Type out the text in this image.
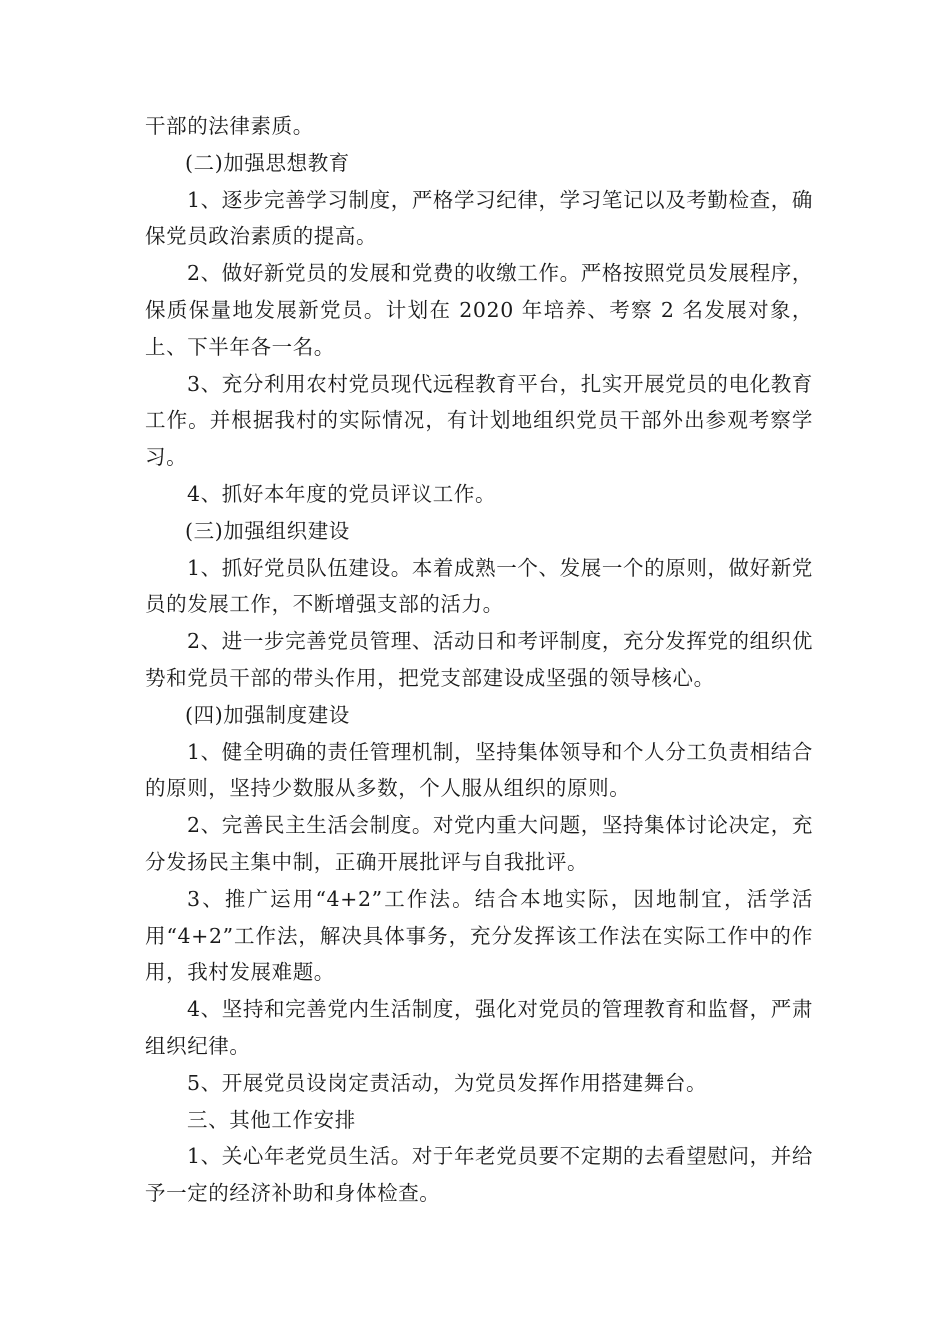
干部的法律素质。

(二)加强思想教育

1、逐步完善学习制度，严格学习纪律，学习笔记以及考勤检查，确保党员政治素质的提高。

2、做好新党员的发展和党费的收缴工作。严格按照党员发展程序，保质保量地发展新党员。计划在 2020 年培养、考察 2 名发展对象，上、下半年各一名。

3、充分利用农村党员现代远程教育平台，扎实开展党员的电化教育工作。并根据我村的实际情况，有计划地组织党员干部外出参观考察学习。

4、抓好本年度的党员评议工作。

(三)加强组织建设

1、抓好党员队伍建设。本着成熟一个、发展一个的原则，做好新党员的发展工作，不断增强支部的活力。

2、进一步完善党员管理、活动日和考评制度，充分发挥党的组织优势和党员干部的带头作用，把党支部建设成坚强的领导核心。

(四)加强制度建设

1、健全明确的责任管理机制，坚持集体领导和个人分工负责相结合的原则，坚持少数服从多数，个人服从组织的原则。

2、完善民主生活会制度。对党内重大问题，坚持集体讨论决定，充分发扬民主集中制，正确开展批评与自我批评。

3、推广运用“4+2”工作法。结合本地实际，因地制宜，活学活用“4+2”工作法，解决具体事务，充分发挥该工作法在实际工作中的作用，我村发展难题。

4、坚持和完善党内生活制度，强化对党员的管理教育和监督，严肃组织纪律。

5、开展党员设岗定责活动，为党员发挥作用搭建舞台。

三、其他工作安排

1、关心年老党员生活。对于年老党员要不定期的去看望慰问，并给予一定的经济补助和身体检查。
